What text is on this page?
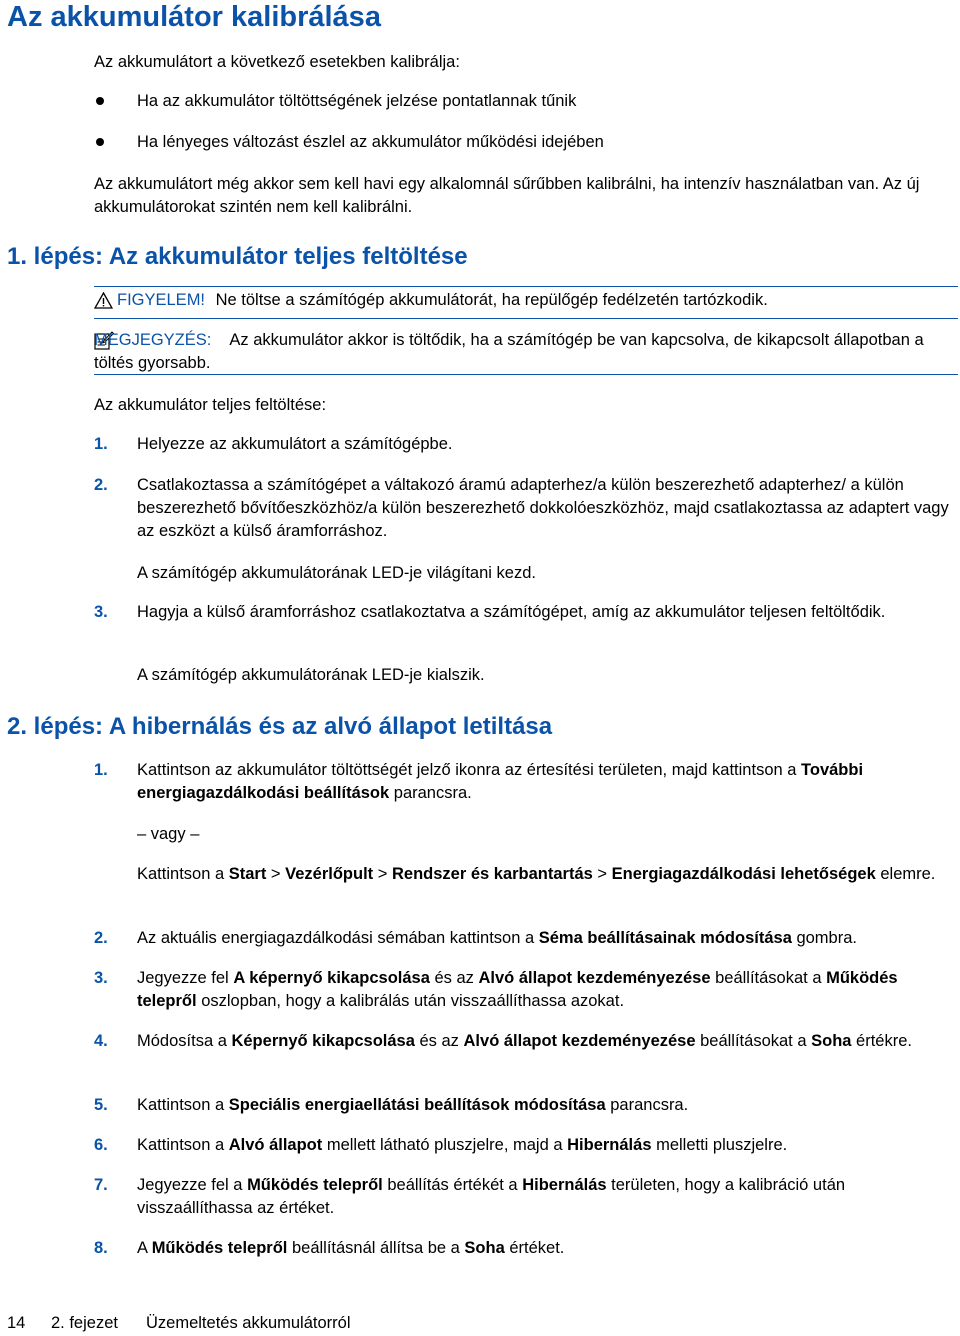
Az akkumulátor kalibrálása
Az akkumulátort a következő esetekben kalibrálja:
Ha az akkumulátor töltöttségének jelzése pontatlannak tűnik
Ha lényeges változást észlel az akkumulátor működési idejében
Az akkumulátort még akkor sem kell havi egy alkalomnál sűrűbben kalibrálni, ha intenzív használatban van. Az új akkumulátorokat szintén nem kell kalibrálni.
1. lépés: Az akkumulátor teljes feltöltése
FIGYELEM! Ne töltse a számítógép akkumulátorát, ha repülőgép fedélzetén tartózkodik.
MEGJEGYZÉS: Az akkumulátor akkor is töltődik, ha a számítógép be van kapcsolva, de kikapcsolt állapotban a töltés gyorsabb.
Az akkumulátor teljes feltöltése:
1. Helyezze az akkumulátort a számítógépbe.
2. Csatlakoztassa a számítógépet a váltakozó áramú adapterhez/a külön beszerezhető adapterhez/ a külön beszerezhető bővítőeszközhöz/a külön beszerezhető dokkolóeszközhöz, majd csatlakoztassa az adaptert vagy az eszközt a külső áramforráshoz.
A számítógép akkumulátorának LED-je világítani kezd.
3. Hagyja a külső áramforráshoz csatlakoztatva a számítógépet, amíg az akkumulátor teljesen feltöltődik.
A számítógép akkumulátorának LED-je kialszik.
2. lépés: A hibernálás és az alvó állapot letiltása
1. Kattintson az akkumulátor töltöttségét jelző ikonra az értesítési területen, majd kattintson a További energiagazdálkodási beállítások parancsra.
– vagy –
Kattintson a Start > Vezérlőpult > Rendszer és karbantartás > Energiagazdálkodási lehetőségek elemre.
2. Az aktuális energiagazdálkodási sémában kattintson a Séma beállításainak módosítása gombra.
3. Jegyezze fel A képernyő kikapcsolása és az Alvó állapot kezdeményezése beállításokat a Működés telepről oszlopban, hogy a kalibrálás után visszaállíthassa azokat.
4. Módosítsa a Képernyő kikapcsolása és az Alvó állapot kezdeményezése beállításokat a Soha értékre.
5. Kattintson a Speciális energiaellátási beállítások módosítása parancsra.
6. Kattintson a Alvó állapot mellett látható pluszjelre, majd a Hibernálás melletti pluszjelre.
7. Jegyezze fel a Működés telepről beállítás értékét a Hibernálás területen, hogy a kalibráció után visszaállíthassa az értéket.
8. A Működés telepről beállításnál állítsa be a Soha értéket.
14 2. fejezet Üzemeltetés akkumulátorról
